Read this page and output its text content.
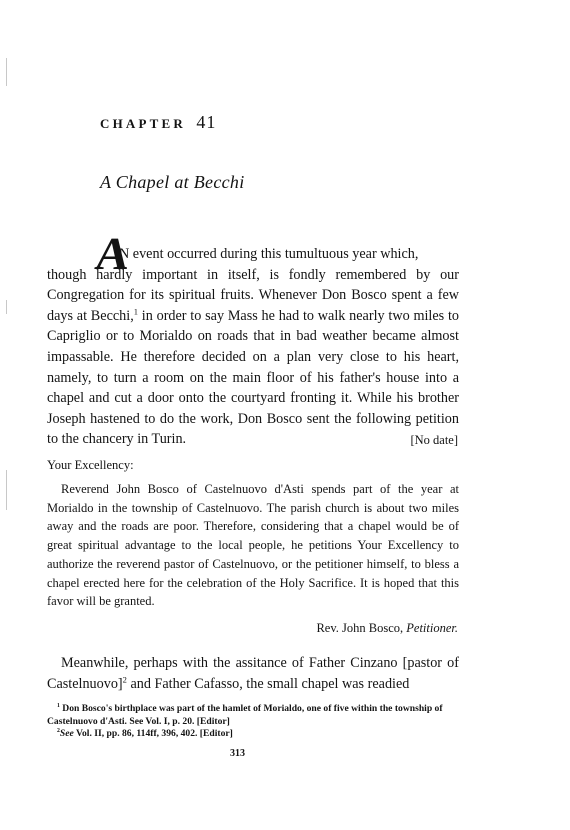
CHAPTER 41
A Chapel at Becchi
A
N event occurred during this tumultuous year which,
though hardly important in itself, is fondly remembered by our Congregation for its spiritual fruits. Whenever Don Bosco spent a few days at Becchi,$^1$ in order to say Mass he had to walk nearly two miles to Capriglio or to Morialdo on roads that in bad weather became almost impassable. He therefore decided on a plan very close to his heart, namely, to turn a room on the main floor of his father's house into a chapel and cut a door onto the courtyard fronting it. While his brother Joseph hastened to do the work, Don Bosco sent the following petition to the chancery in Turin.	[No date]
Your Excellency:
Reverend John Bosco of Castelnuovo d'Asti spends part of the year at Morialdo in the township of Castelnuovo. The parish church is about two miles away and the roads are poor. Therefore, considering that a chapel would be of great spiritual advantage to the local people, he petitions Your Excellency to authorize the reverend pastor of Castelnuovo, or the petitioner himself, to bless a chapel erected here for the celebration of the Holy Sacrifice. It is hoped that this favor will be granted.
Rev. John Bosco, Petitioner.
Meanwhile, perhaps with the assitance of Father Cinzano [pastor of Castelnuovo]$^2$ and Father Cafasso, the small chapel was readied
$^1$ Don Bosco's birthplace was part of the hamlet of Morialdo, one of five within the township of Castelnuovo d'Asti. See Vol. I, p. 20. [Editor]
$^2$See Vol. II, pp. 86, 114ff, 396, 402. [Editor]
313
